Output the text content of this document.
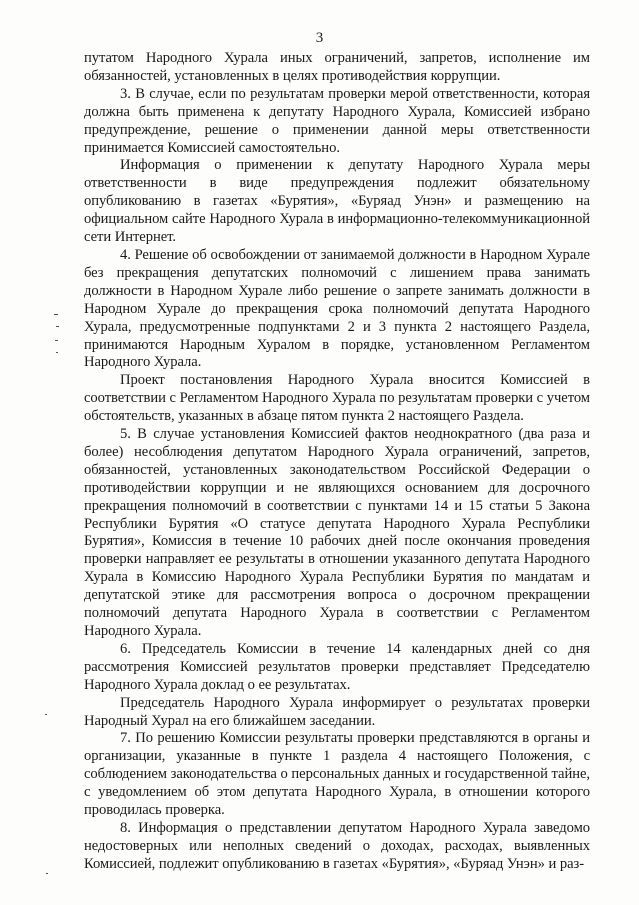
3

путатом Народного Хурала иных ограничений, запретов, исполнение им обязанностей, установленных в целях противодействия коррупции.

3. В случае, если по результатам проверки мерой ответственности, которая должна быть применена к депутату Народного Хурала, Комиссией избрано предупреждение, решение о применении данной меры ответственности принимается Комиссией самостоятельно.

Информация о применении к депутату Народного Хурала меры ответственности в виде предупреждения подлежит обязательному опубликованию в газетах «Бурятия», «Буряад Унэн» и размещению на официальном сайте Народного Хурала в информационно-телекоммуникационной сети Интернет.

4. Решение об освобождении от занимаемой должности в Народном Хурале без прекращения депутатских полномочий с лишением права занимать должности в Народном Хурале либо решение о запрете занимать должности в Народном Хурале до прекращения срока полномочий депутата Народного Хурала, предусмотренные подпунктами 2 и 3 пункта 2 настоящего Раздела, принимаются Народным Хуралом в порядке, установленном Регламентом Народного Хурала.

Проект постановления Народного Хурала вносится Комиссией в соответствии с Регламентом Народного Хурала по результатам проверки с учетом обстоятельств, указанных в абзаце пятом пункта 2 настоящего Раздела.

5. В случае установления Комиссией фактов неоднократного (два раза и более) несоблюдения депутатом Народного Хурала ограничений, запретов, обязанностей, установленных законодательством Российской Федерации о противодействии коррупции и не являющихся основанием для досрочного прекращения полномочий в соответствии с пунктами 14 и 15 статьи 5 Закона Республики Бурятия «О статусе депутата Народного Хурала Республики Бурятия», Комиссия в течение 10 рабочих дней после окончания проведения проверки направляет ее результаты в отношении указанного депутата Народного Хурала в Комиссию Народного Хурала Республики Бурятия по мандатам и депутатской этике для рассмотрения вопроса о досрочном прекращении полномочий депутата Народного Хурала в соответствии с Регламентом Народного Хурала.

6. Председатель Комиссии в течение 14 календарных дней со дня рассмотрения Комиссией результатов проверки представляет Председателю Народного Хурала доклад о ее результатах.

Председатель Народного Хурала информирует о результатах проверки Народный Хурал на его ближайшем заседании.

7. По решению Комиссии результаты проверки представляются в органы и организации, указанные в пункте 1 раздела 4 настоящего Положения, с соблюдением законодательства о персональных данных и государственной тайне, с уведомлением об этом депутата Народного Хурала, в отношении которого проводилась проверка.

8. Информация о представлении депутатом Народного Хурала заведомо недостоверных или неполных сведений о доходах, расходах, выявленных Комиссией, подлежит опубликованию в газетах «Бурятия», «Буряад Унэн» и раз-
